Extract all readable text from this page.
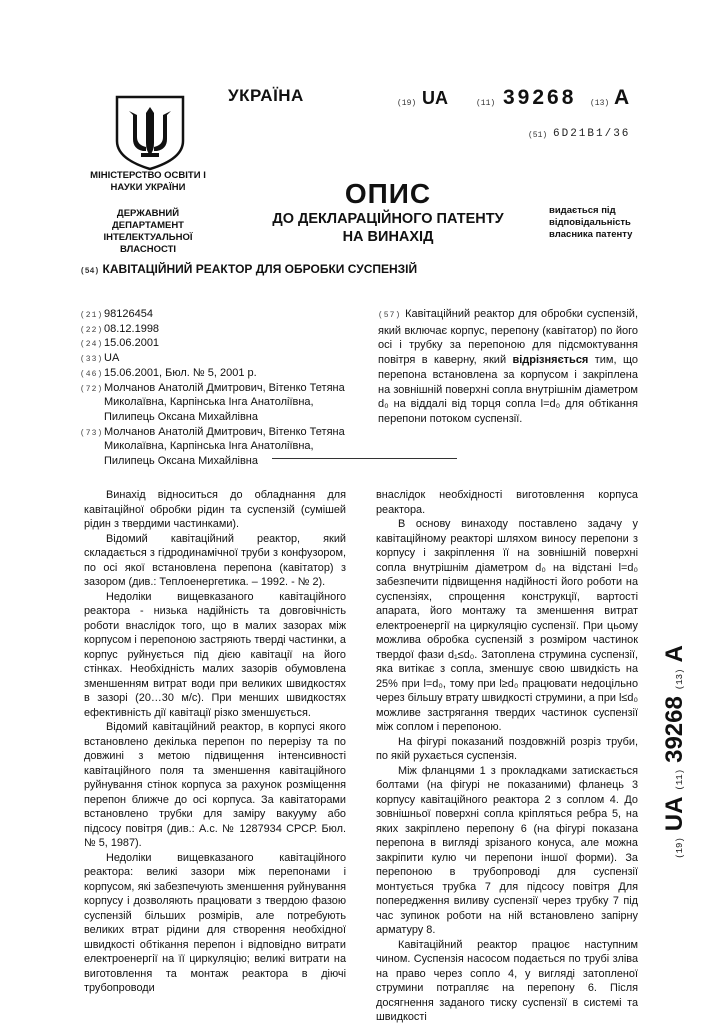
УКРАЇНА	(19) UA	(11) 39268 (13) A
(51) 6D21B1/36
МІНІСТЕРСТВО ОСВІТИ І НАУКИ УКРАЇНИ
ДЕРЖАВНИЙ ДЕПАРТАМЕНТ ІНТЕЛЕКТУАЛЬНОЇ ВЛАСНОСТІ
ОПИС
ДО ДЕКЛАРАЦІЙНОГО ПАТЕНТУ НА ВИНАХІД
видається під відповідальність власника патенту
(54) КАВІТАЦІЙНИЙ РЕАКТОР ДЛЯ ОБРОБКИ СУСПЕНЗІЙ
(21) 98126454
(22) 08.12.1998
(24) 15.06.2001
(33) UA
(46) 15.06.2001, Бюл. № 5, 2001 р.
(72) Молчанов Анатолій Дмитрович, Вітенко Тетяна Миколаївна, Карпінська Інга Анатоліївна, Пилипець Оксана Михайлівна
(73) Молчанов Анатолій Дмитрович, Вітенко Тетяна Миколаївна, Карпінська Інга Анатоліївна, Пилипець Оксана Михайлівна
(57) Кавітаційний реактор для обробки суспензій, який включає корпус, перепону (кавітатор) по його осі і трубку за перепоною для підсмоктування повітря в каверну, який відрізняється тим, що перепона встановлена за корпусом і закріплена на зовнішній поверхні сопла внутрішнім діаметром d₀ на віддалі від торця сопла l=d₀ для обтікання перепони потоком суспензії.

Винахід відноситься до обладнання для кавітаційної обробки рідин та суспензій (сумішей рідин з твердими частинками).

Відомий кавітаційний реактор, який складається з гідродинамічної труби з конфузором, по осі якої встановлена перепона (кавітатор) з зазором (див.: Теплоенергетика. – 1992. - № 2).

Недоліки вищевказаного кавітаційного реактора - низька надійність та довговічність роботи внаслідок того, що в малих зазорах між корпусом і перепоною застряють тверді частинки, а корпус руйнується під дією кавітації на його стінках. Необхідність малих зазорів обумовлена зменшенням витрат води при великих швидкостях в зазорі (20…30 м/с). При менших швидкостях ефективність дії кавітації різко зменшується.

Відомий кавітаційний реактор, в корпусі якого встановлено декілька перепон по перерізу та по довжині з метою підвищення інтенсивності кавітаційного поля та зменшення кавітаційного руйнування стінок корпуса за рахунок розміщення перепон ближче до осі корпуса. За кавітаторами встановлено трубки для заміру вакууму або підсосу повітря (див.: А.с. № 1287934 СРСР. Бюл. № 5, 1987).

Недоліки вищевказаного кавітаційного реактора: великі зазори між перепонами і корпусом, які забезпечують зменшення руйнування корпусу і дозволяють працювати з твердою фазою суспензій більших розмірів, але потребують великих втрат рідини для створення необхідної швидкості обтікання перепон і відповідно витрати електроенергії на її циркуляцію; великі витрати на виготовлення та монтаж реактора в діючі трубопроводи

внаслідок необхідності виготовлення корпуса реактора.

В основу винаходу поставлено задачу у кавітаційному реакторі шляхом виносу перепони з корпусу і закріплення її на зовнішній поверхні сопла внутрішнім діаметром d₀ на відстані l=d₀ забезпечити підвищення надійності його роботи на суспензіях, спрощення конструкції, вартості апарата, його монтажу та зменшення витрат електроенергії на циркуляцію суспензії. При цьому можлива обробка суспензій з розміром частинок твердої фази d₁≤d₀. Затоплена струмина суспензії, яка витікає з сопла, зменшує свою швидкість на 25% при l=d₀, тому при l≥d₀ працювати недоцільно через більшу втрату швидкості струмини, а при l≤d₀ можливе застрягання твердих частинок суспензії між соплом і перепоною.

На фігурі показаний поздовжній розріз труби, по якій рухається суспензія.

Між фланцями 1 з прокладками затискається болтами (на фігурі не показаними) фланець 3 корпусу кавітаційного реактора 2 з соплом 4. До зовнішньої поверхні сопла кріпляться ребра 5, на яких закріплено перепону 6 (на фігурі показана перепона в вигляді зрізаного конуса, але можна закріпити кулю чи перепони іншої форми). За перепоною в трубопроводі для суспензії монтується трубка 7 для підсосу повітря Для попередження виливу суспензії через трубку 7 під час зупинок роботи на ній встановлено запірну арматуру 8.

Кавітаційний реактор працює наступним чином. Суспензія насосом подається по трубі зліва на право через сопло 4, у вигляді затопленої струмини потрапляє на перепону 6. Після досягнення заданого тиску суспензії в системі та швидкості

(19)UA(11)39268(13)A
